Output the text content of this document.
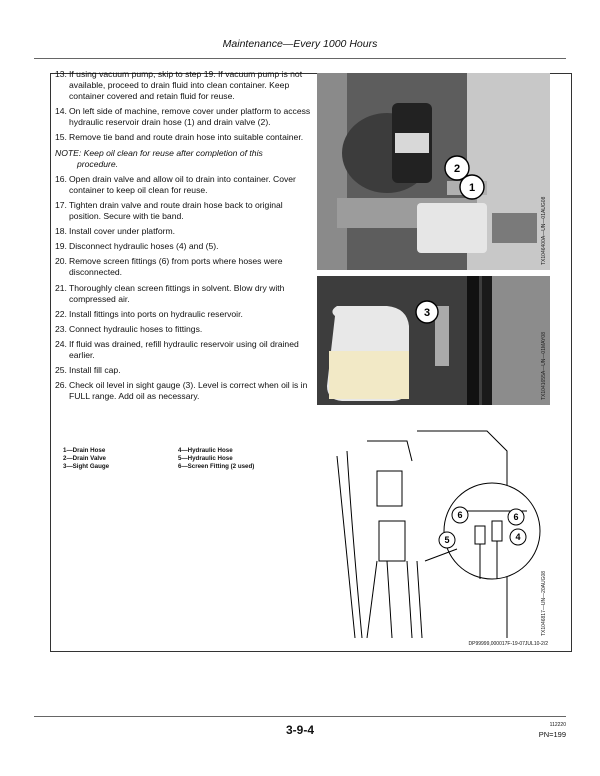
Maintenance—Every 1000 Hours
13. If using vacuum pump, skip to step 19. If vacuum pump is not available, proceed to drain fluid into clean container. Keep container covered and retain fluid for reuse.
14. On left side of machine, remove cover under platform to access hydraulic reservoir drain hose (1) and drain valve (2).
15. Remove tie band and route drain hose into suitable container.
NOTE: Keep oil clean for reuse after completion of this
procedure.
16. Open drain valve and allow oil to drain into container. Cover container to keep oil clean for reuse.
17. Tighten drain valve and route drain hose back to original position. Secure with tie band.
18. Install cover under platform.
19. Disconnect hydraulic hoses (4) and (5).
20. Remove screen fittings (6) from ports where hoses were disconnected.
21. Thoroughly clean screen fittings in solvent. Blow dry with compressed air.
22. Install fittings into ports on hydraulic reservoir.
23. Connect hydraulic hoses to fittings.
24. If fluid was drained, refill hydraulic reservoir using oil drained earlier.
25. Install fill cap.
26. Check oil level in sight gauge (3). Level is correct when oil is in FULL range. Add oil as necessary.
1—Drain Hose
2—Drain Valve
3—Sight Gauge
4—Hydraulic Hose
5—Hydraulic Hose
6—Screen Fitting (2 used)
2
1
TX1046400A—UN—01AUG08
3
TX1041655A—UN—01MAY08
6	6
5	4
TX1046817—UN—20AUG08
DP99999,000017F-19-07JUL10-2/2
3-9-4	112220
PN=199
